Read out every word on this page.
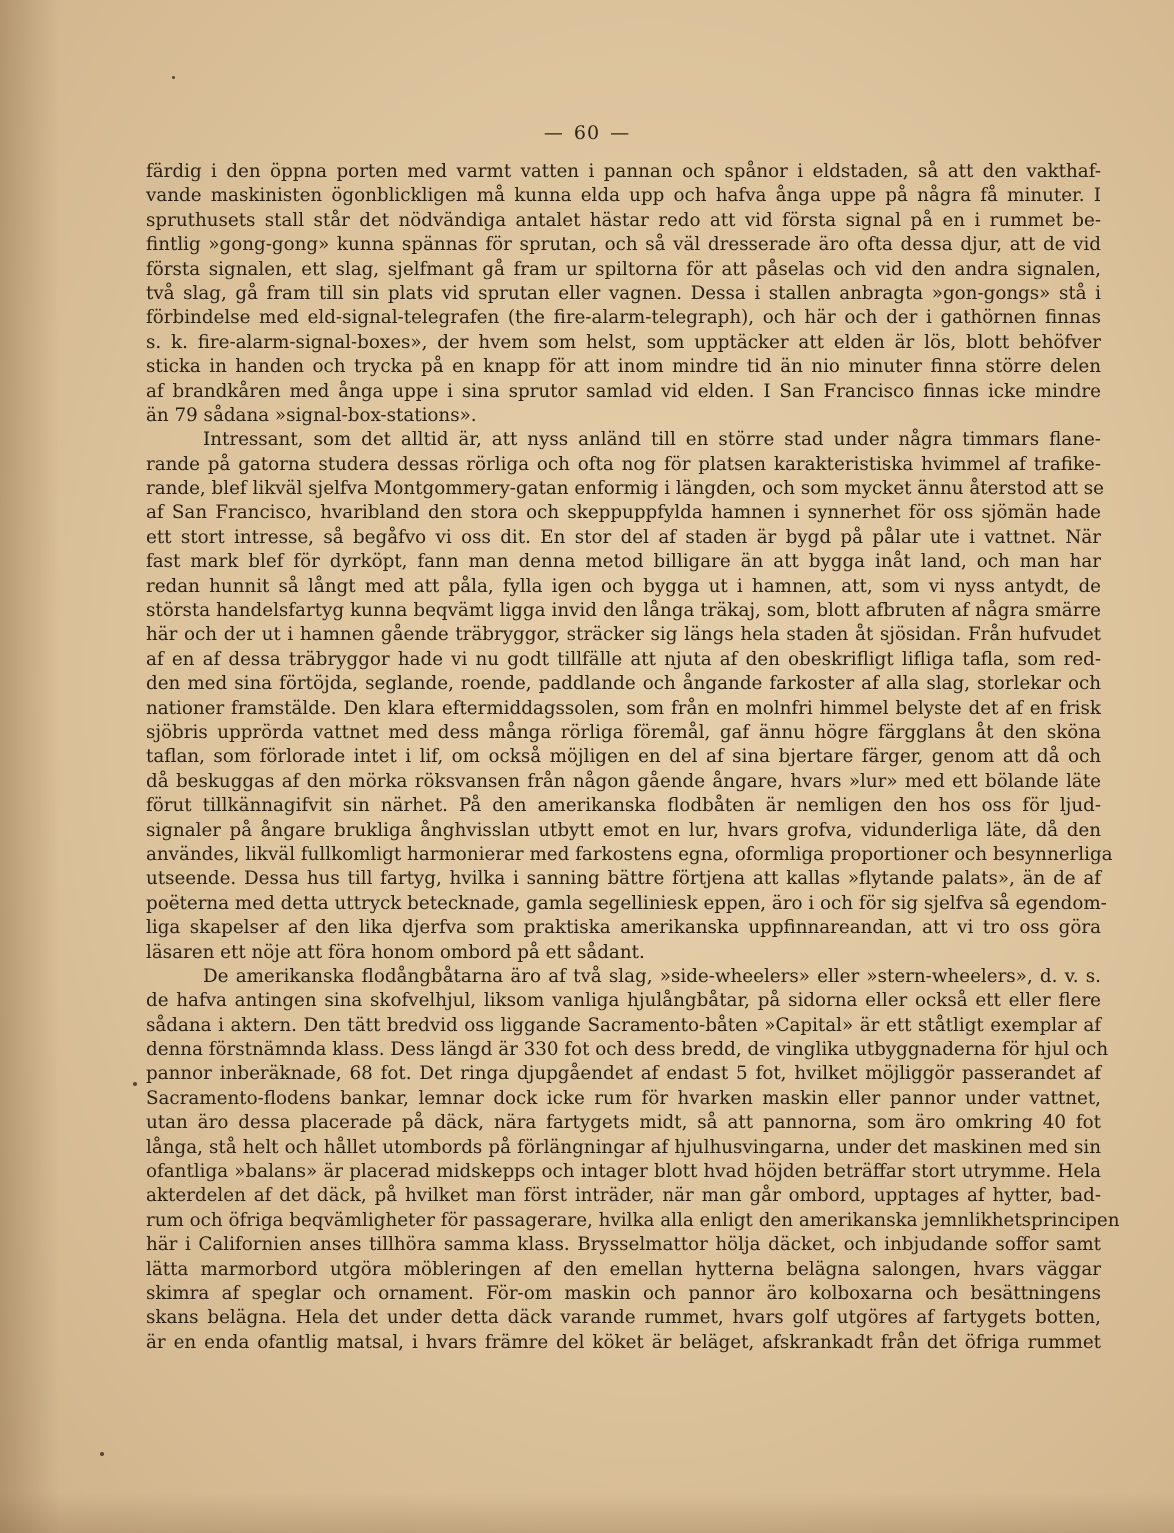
— 60 —
färdig i den öppna porten med varmt vatten i pannan och spånor i eldstaden, så att den vakthaf-
vande maskinisten ögonblickligen må kunna elda upp och hafva ånga uppe på några få minuter. I
spruthusets stall står det nödvändiga antalet hästar redo att vid första signal på en i rummet be-
fintlig »gong-gong» kunna spännas för sprutan, och så väl dresserade äro ofta dessa djur, att de vid
första signalen, ett slag, sjelfmant gå fram ur spiltorna för att påselas och vid den andra signalen,
två slag, gå fram till sin plats vid sprutan eller vagnen. Dessa i stallen anbragta »gon-gongs» stå i
förbindelse med eld-signal-telegrafen (the fire-alarm-telegraph), och här och der i gathörnen finnas
s. k. fire-alarm-signal-boxes», der hvem som helst, som upptäcker att elden är lös, blott behöfver
sticka in handen och trycka på en knapp för att inom mindre tid än nio minuter finna större delen
af brandkåren med ånga uppe i sina sprutor samlad vid elden. I San Francisco finnas icke mindre
än 79 sådana »signal-box-stations».
Intressant, som det alltid är, att nyss anländ till en större stad under några timmars flane-
rande på gatorna studera dessas rörliga och ofta nog för platsen karakteristiska hvimmel af trafike-
rande, blef likväl sjelfva Montgommery-gatan enformig i längden, och som mycket ännu återstod att se
af San Francisco, hvaribland den stora och skeppuppfylda hamnen i synnerhet för oss sjömän hade
ett stort intresse, så begåfvo vi oss dit. En stor del af staden är bygd på pålar ute i vattnet. När
fast mark blef för dyrköpt, fann man denna metod billigare än att bygga inåt land, och man har
redan hunnit så långt med att påla, fylla igen och bygga ut i hamnen, att, som vi nyss antydt, de
största handelsfartyg kunna beqvämt ligga invid den långa träkaj, som, blott afbruten af några smärre
här och der ut i hamnen gående träbryggor, sträcker sig längs hela staden åt sjösidan. Från hufvudet
af en af dessa träbryggor hade vi nu godt tillfälle att njuta af den obeskrifligt lifliga tafla, som red-
den med sina förtöjda, seglande, roende, paddlande och ångande farkoster af alla slag, storlekar och
nationer framstälde. Den klara eftermiddagssolen, som från en molnfri himmel belyste det af en frisk
sjöbris upprörda vattnet med dess många rörliga föremål, gaf ännu högre färgglans åt den sköna
taflan, som förlorade intet i lif, om också möjligen en del af sina bjertare färger, genom att då och
då beskuggas af den mörka röksvansen från någon gående ångare, hvars »lur» med ett bölande läte
förut tillkännagifvit sin närhet. På den amerikanska flodbåten är nemligen den hos oss för ljud-
signaler på ångare brukliga ånghvisslan utbytt emot en lur, hvars grofva, vidunderliga läte, då den
användes, likväl fullkomligt harmonierar med farkostens egna, oformliga proportioner och besynnerliga
utseende. Dessa hus till fartyg, hvilka i sanning bättre förtjena att kallas »flytande palats», än de af
poëterna med detta uttryck betecknade, gamla segelliniesk eppen, äro i och för sig sjelfva så egendom-
liga skapelser af den lika djerfva som praktiska amerikanska uppfinnareandan, att vi tro oss göra
läsaren ett nöje att föra honom ombord på ett sådant.
De amerikanska flodångbåtarna äro af två slag, »side-wheelers» eller »stern-wheelers», d. v. s.
de hafva antingen sina skofvelhjul, liksom vanliga hjulångbåtar, på sidorna eller också ett eller flere
sådana i aktern. Den tätt bredvid oss liggande Sacramento-båten »Capital» är ett ståtligt exemplar af
denna förstnämnda klass. Dess längd är 330 fot och dess bredd, de vinglika utbyggnaderna för hjul och
pannor inberäknade, 68 fot. Det ringa djupgåendet af endast 5 fot, hvilket möjliggör passerandet af
Sacramento-flodens bankar, lemnar dock icke rum för hvarken maskin eller pannor under vattnet,
utan äro dessa placerade på däck, nära fartygets midt, så att pannorna, som äro omkring 40 fot
långa, stå helt och hållet utombords på förlängningar af hjulhusvingarna, under det maskinen med sin
ofantliga »balans» är placerad midskepps och intager blott hvad höjden beträffar stort utrymme. Hela
akterdelen af det däck, på hvilket man först inträder, när man går ombord, upptages af hytter, bad-
rum och öfriga beqvämligheter för passagerare, hvilka alla enligt den amerikanska jemnlikhetsprincipen
här i Californien anses tillhöra samma klass. Brysselmattor hölja däcket, och inbjudande soffor samt
lätta marmorbord utgöra möbleringen af den emellan hytterna belägna salongen, hvars väggar
skimra af speglar och ornament. För-om maskin och pannor äro kolboxarna och besättningens
skans belägna. Hela det under detta däck varande rummet, hvars golf utgöres af fartygets botten,
är en enda ofantlig matsal, i hvars främre del köket är beläget, afskrankadt från det öfriga rummet
